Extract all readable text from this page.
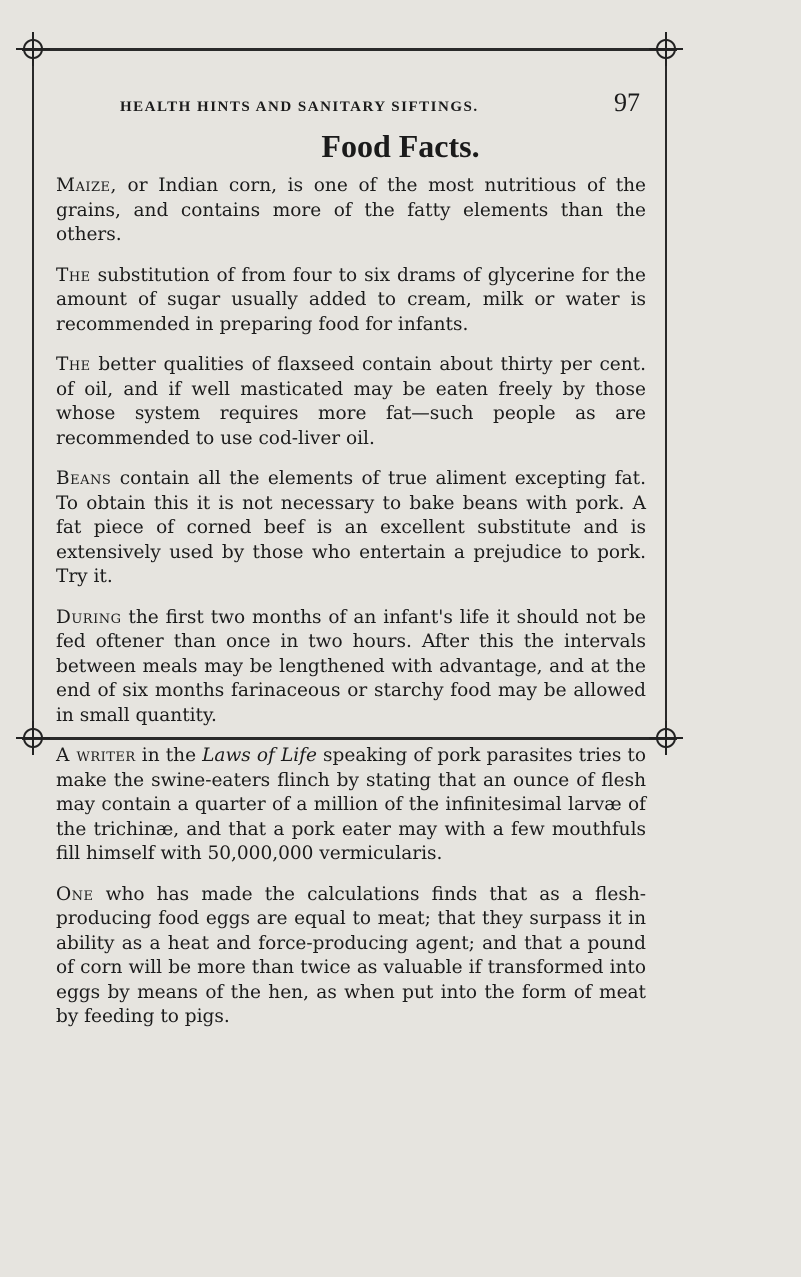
HEALTH HINTS AND SANITARY SIFTINGS.	97
Food Facts.

Maize, or Indian corn, is one of the most nutritious of the grains, and contains more of the fatty elements than the others.

The substitution of from four to six drams of glycerine for the amount of sugar usually added to cream, milk or water is recommended in preparing food for infants.

The better qualities of flaxseed contain about thirty per cent. of oil, and if well masticated may be eaten freely by those whose system requires more fat—such people as are recommended to use cod-liver oil.

Beans contain all the elements of true aliment excepting fat. To obtain this it is not necessary to bake beans with pork. A fat piece of corned beef is an excellent substitute and is extensively used by those who entertain a prejudice to pork. Try it.

During the first two months of an infant's life it should not be fed oftener than once in two hours. After this the intervals between meals may be lengthened with advantage, and at the end of six months farinaceous or starchy food may be allowed in small quantity.

A writer in the Laws of Life speaking of pork parasites tries to make the swine-eaters flinch by stating that an ounce of flesh may contain a quarter of a million of the infinitesimal larvæ of the trichinæ, and that a pork eater may with a few mouthfuls fill himself with 50,000,000 vermicularis.

One who has made the calculations finds that as a flesh-producing food eggs are equal to meat; that they surpass it in ability as a heat and force-producing agent; and that a pound of corn will be more than twice as valuable if transformed into eggs by means of the hen, as when put into the form of meat by feeding to pigs.
